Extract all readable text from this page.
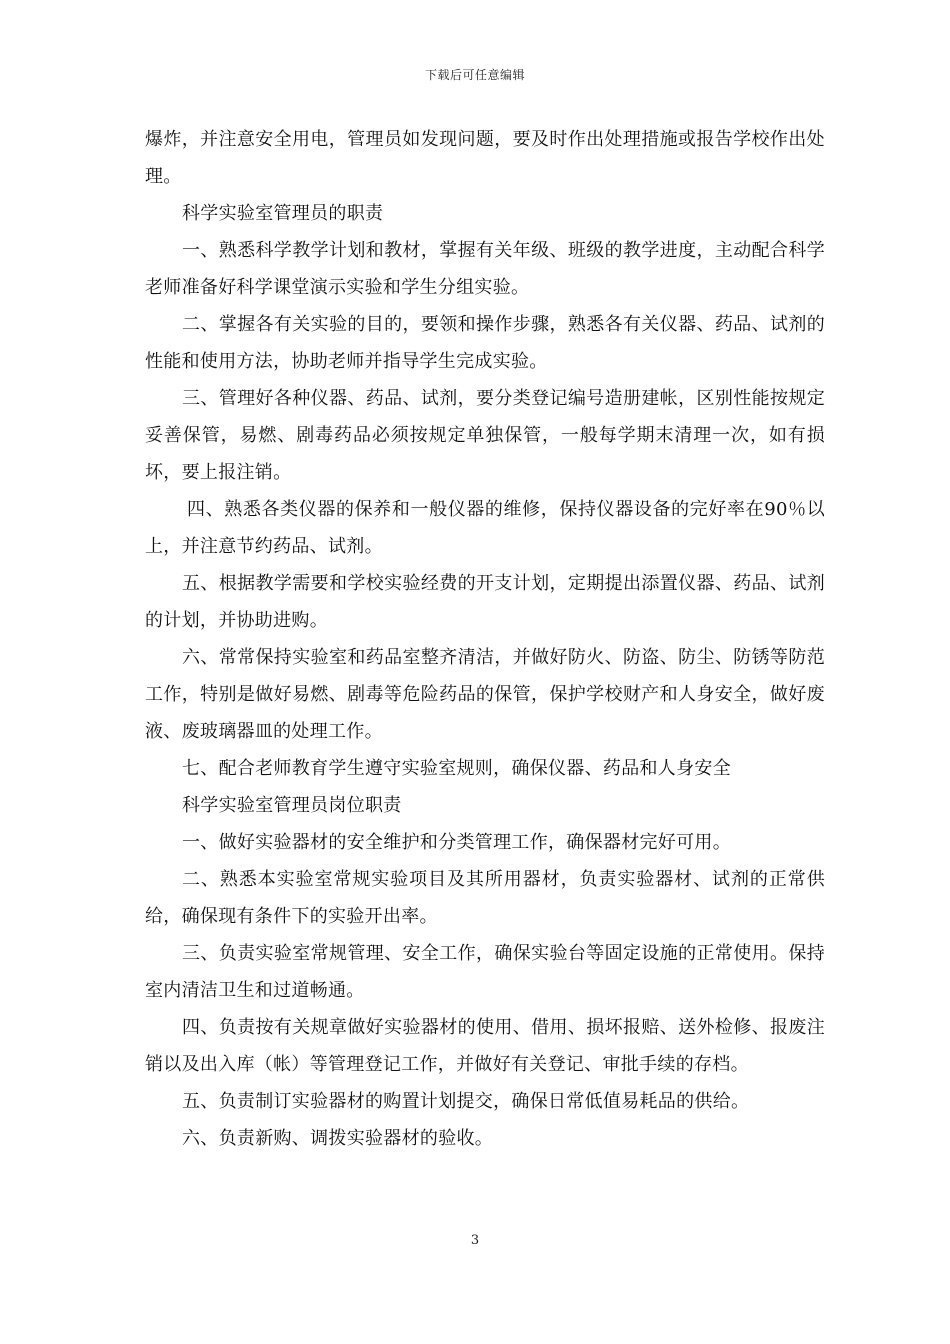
下载后可任意编辑

爆炸，并注意安全用电，管理员如发现问题，要及时作出处理措施或报告学校作出处理。

科学实验室管理员的职责

一、熟悉科学教学计划和教材，掌握有关年级、班级的教学进度，主动配合科学老师准备好科学课堂演示实验和学生分组实验。

二、掌握各有关实验的目的，要领和操作步骤，熟悉各有关仪器、药品、试剂的性能和使用方法，协助老师并指导学生完成实验。

三、管理好各种仪器、药品、试剂，要分类登记编号造册建帐，区别性能按规定妥善保管，易燃、剧毒药品必须按规定单独保管，一般每学期末清理一次，如有损坏，要上报注销。

四、熟悉各类仪器的保养和一般仪器的维修，保持仪器设备的完好率在90％以上，并注意节约药品、试剂。

五、根据教学需要和学校实验经费的开支计划，定期提出添置仪器、药品、试剂的计划，并协助进购。

六、常常保持实验室和药品室整齐清洁，并做好防火、防盗、防尘、防锈等防范工作，特别是做好易燃、剧毒等危险药品的保管，保护学校财产和人身安全，做好废液、废玻璃器皿的处理工作。

七、配合老师教育学生遵守实验室规则，确保仪器、药品和人身安全

科学实验室管理员岗位职责

一、做好实验器材的安全维护和分类管理工作，确保器材完好可用。

二、熟悉本实验室常规实验项目及其所用器材，负责实验器材、试剂的正常供给，确保现有条件下的实验开出率。

三、负责实验室常规管理、安全工作，确保实验台等固定设施的正常使用。保持室内清洁卫生和过道畅通。

四、负责按有关规章做好实验器材的使用、借用、损坏报赔、送外检修、报废注销以及出入库（帐）等管理登记工作，并做好有关登记、审批手续的存档。

五、负责制订实验器材的购置计划提交，确保日常低值易耗品的供给。

六、负责新购、调拨实验器材的验收。

3
